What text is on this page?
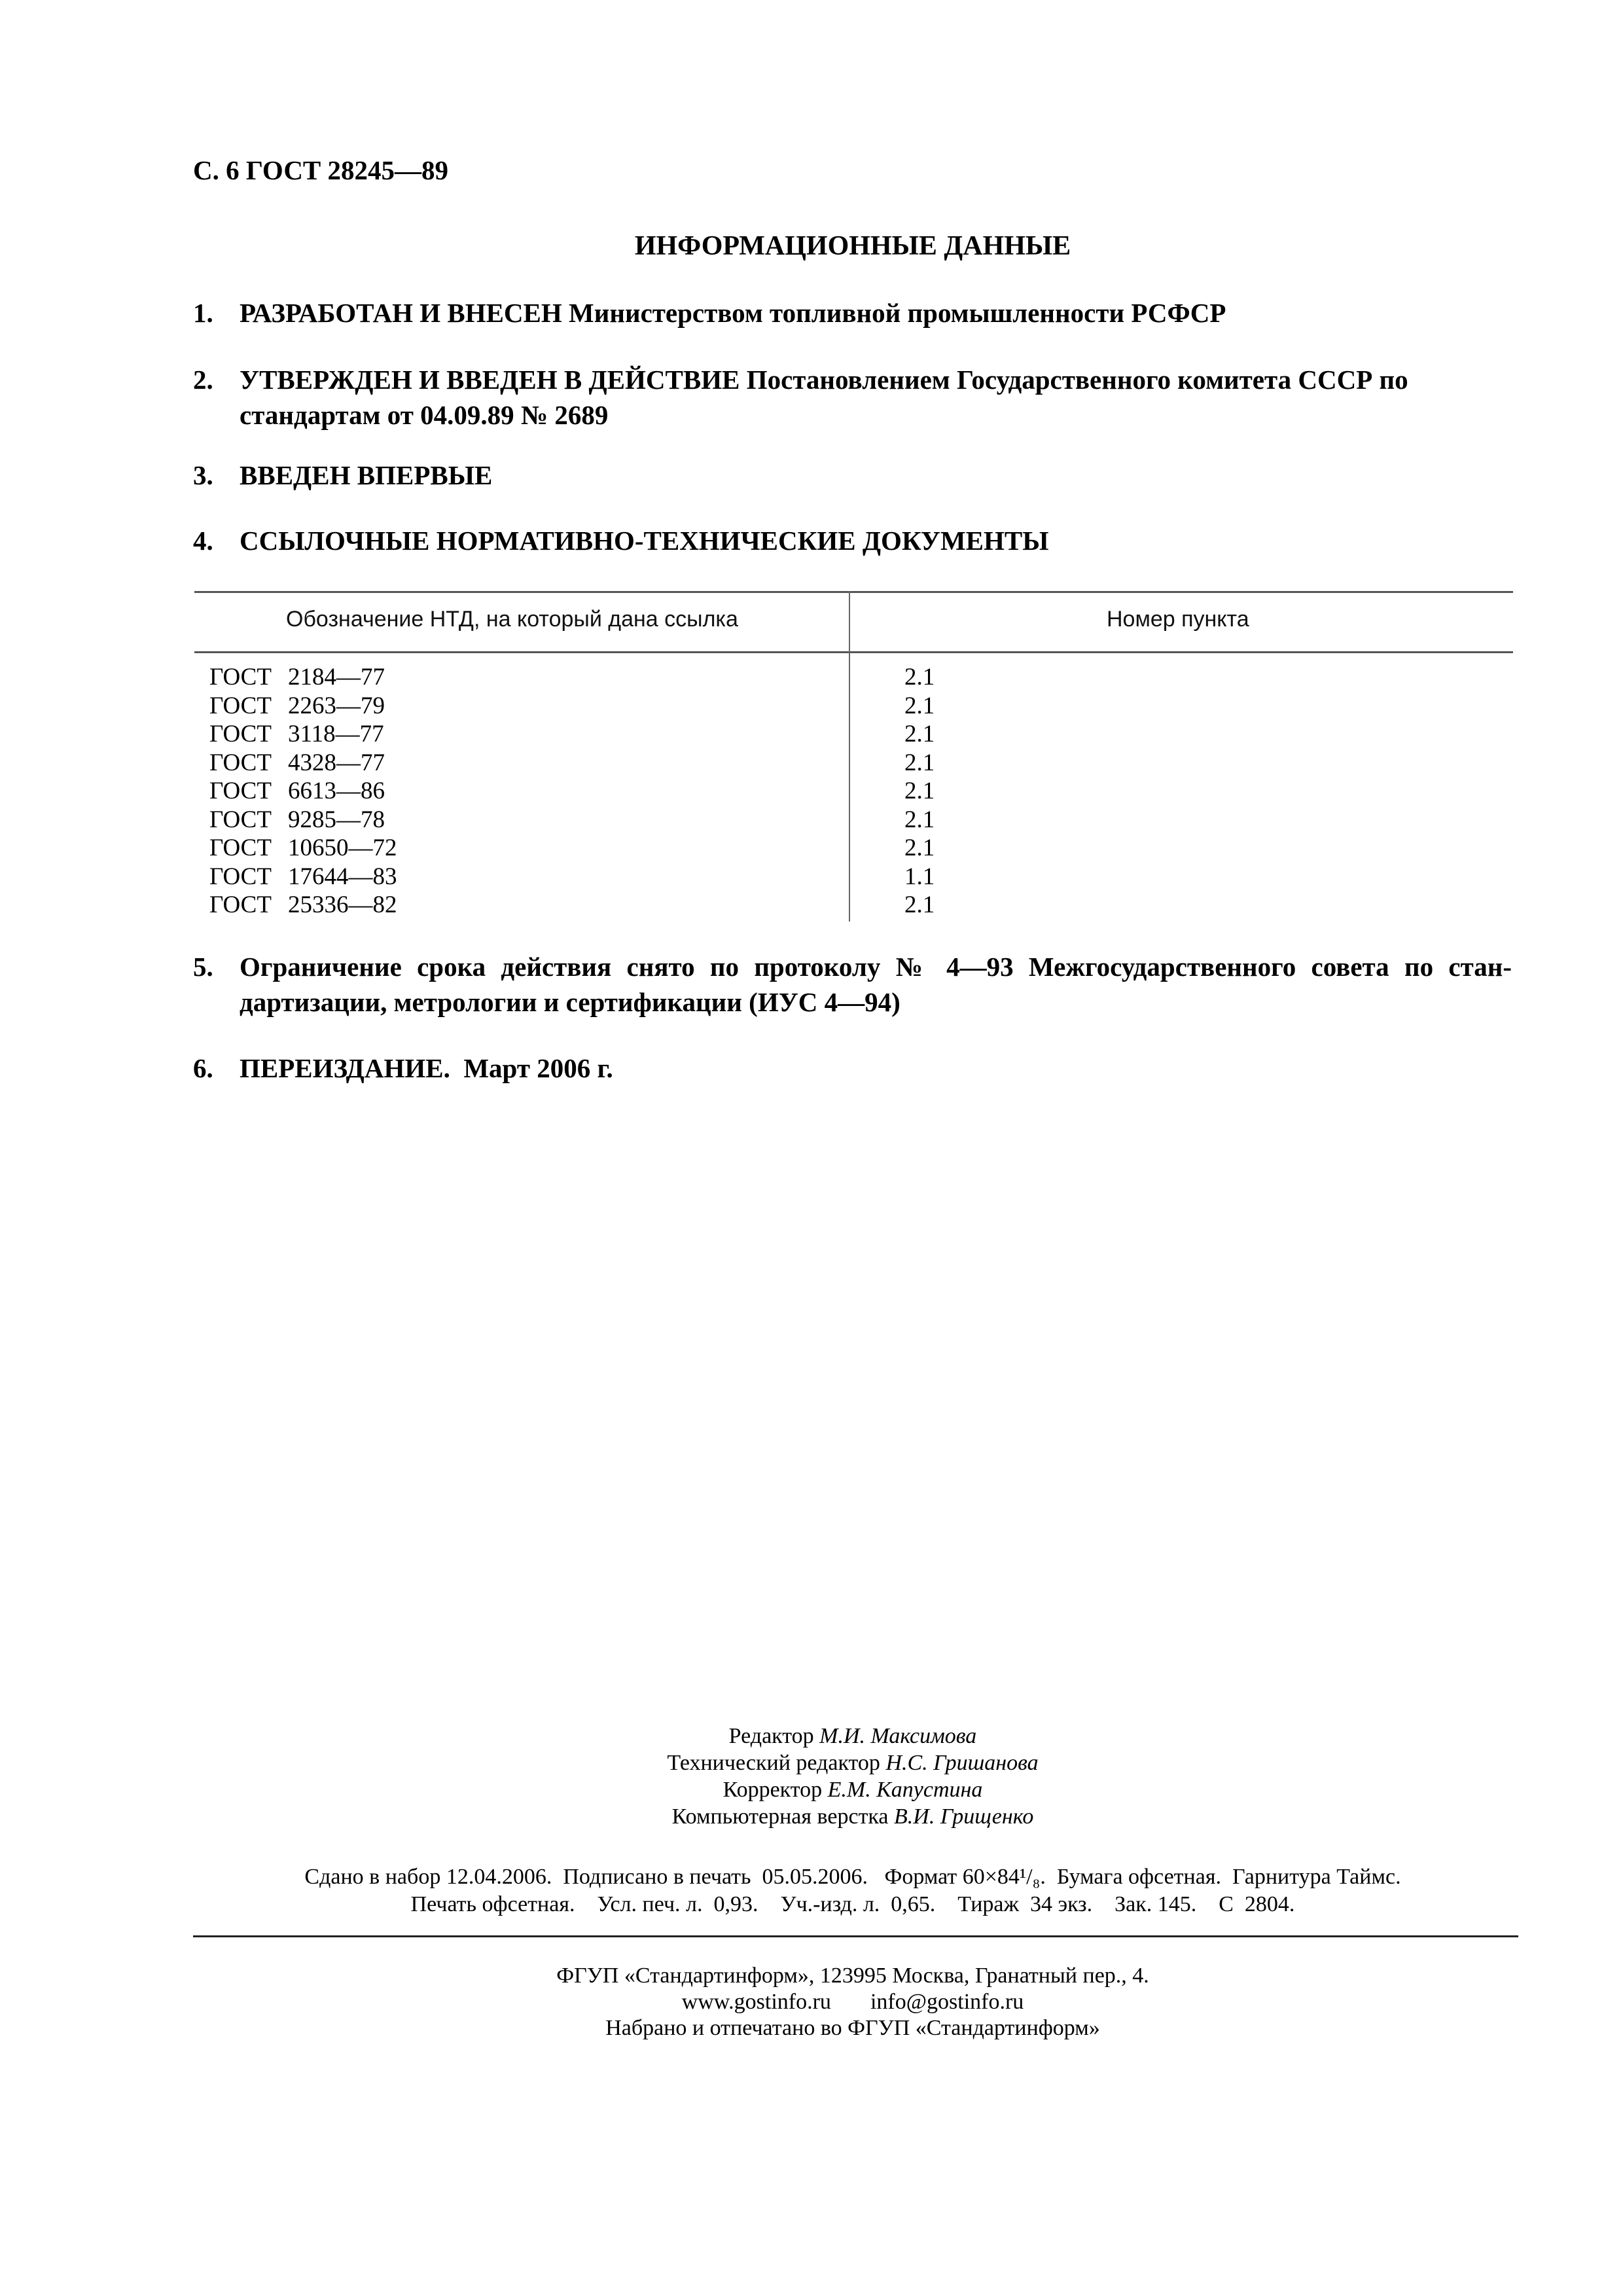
С. 6 ГОСТ 28245—89
ИНФОРМАЦИОННЫЕ ДАННЫЕ
1. РАЗРАБОТАН И ВНЕСЕН Министерством топливной промышленности РСФСР
2. УТВЕРЖДЕН И ВВЕДЕН В ДЕЙСТВИЕ Постановлением Государственного комитета СССР по стандартам от 04.09.89 № 2689
3. ВВЕДЕН ВПЕРВЫЕ
4. ССЫЛОЧНЫЕ НОРМАТИВНО-ТЕХНИЧЕСКИЕ ДОКУМЕНТЫ
Обозначение НТД, на который дана ссылка	Номер пункта
ГОСТ 2184—77
ГОСТ 2263—79
ГОСТ 3118—77
ГОСТ 4328—77
ГОСТ 6613—86
ГОСТ 9285—78
ГОСТ 10650—72
ГОСТ 17644—83
ГОСТ 25336—82
2.1
2.1
2.1
2.1
2.1
2.1
2.1
1.1
2.1
5. Ограничение срока действия снято по протоколу № 4—93 Межгосударственного совета по стан-дартизации, метрологии и сертификации (ИУС 4—94)
6. ПЕРЕИЗДАНИЕ. Март 2006 г.
Редактор М.И. Максимова
Технический редактор Н.С. Гришанова
Корректор Е.М. Капустина
Компьютерная верстка В.И. Грищенко
Сдано в набор 12.04.2006.  Подписано в печать  05.05.2006.   Формат 60×84¹/₈.  Бумага офсетная.  Гарнитура Таймс.
Печать офсетная.    Усл. печ. л.  0,93.    Уч.-изд. л.  0,65.    Тираж  34 экз.    Зак. 145.    С  2804.
ФГУП «Стандартинформ», 123995 Москва, Гранатный пер., 4.
www.gostinfo.ru info@gostinfo.ru
Набрано и отпечатано во ФГУП «Стандартинформ»
